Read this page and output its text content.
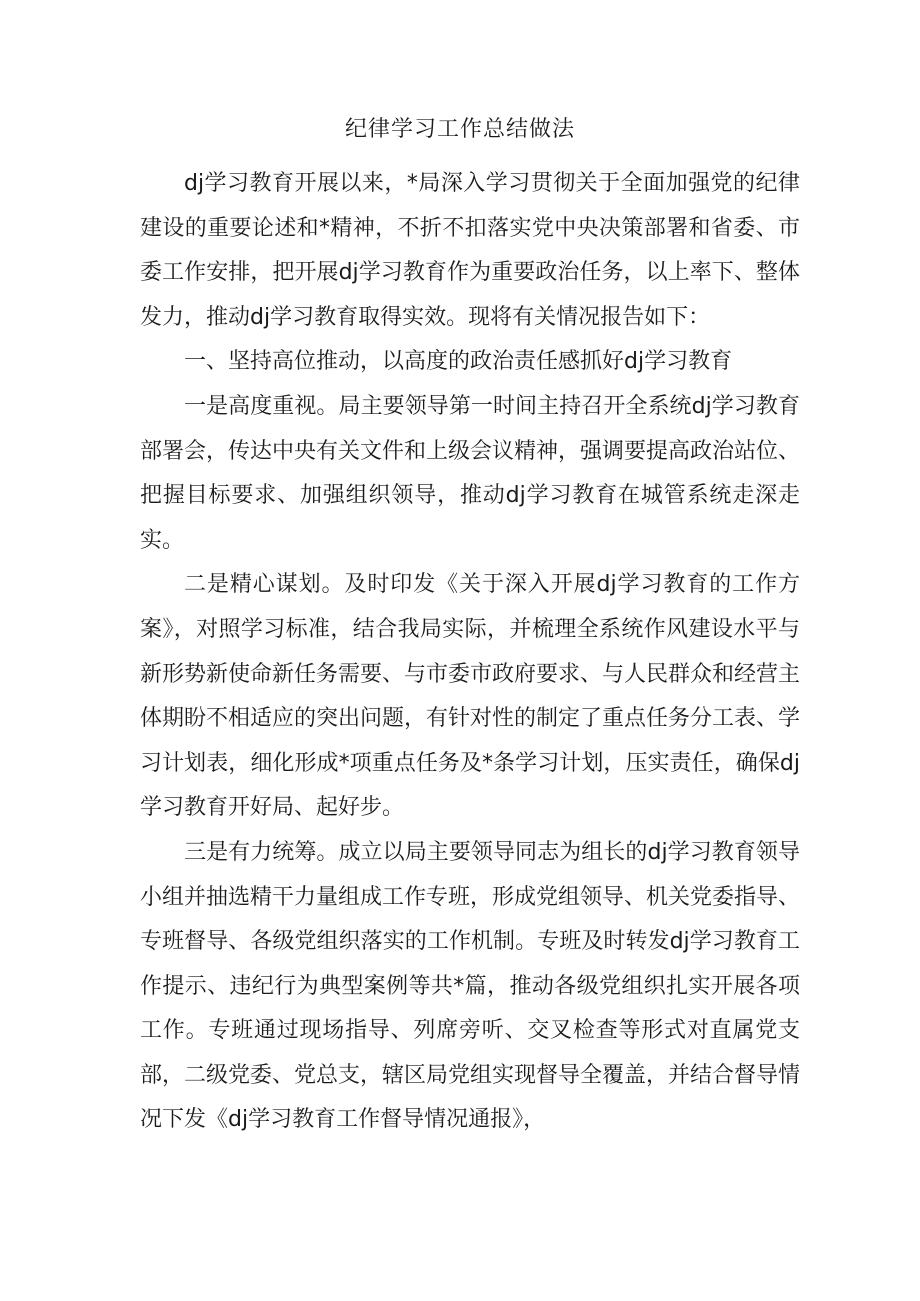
纪律学习工作总结做法

dj学习教育开展以来，*局深入学习贯彻关于全面加强党的纪律建设的重要论述和*精神，不折不扣落实党中央决策部署和省委、市委工作安排，把开展dj学习教育作为重要政治任务，以上率下、整体发力，推动dj学习教育取得实效。现将有关情况报告如下：

一、坚持高位推动，以高度的政治责任感抓好dj学习教育

一是高度重视。局主要领导第一时间主持召开全系统dj学习教育部署会，传达中央有关文件和上级会议精神，强调要提高政治站位、把握目标要求、加强组织领导，推动dj学习教育在城管系统走深走实。

二是精心谋划。及时印发《关于深入开展dj学习教育的工作方案》，对照学习标准，结合我局实际，并梳理全系统作风建设水平与新形势新使命新任务需要、与市委市政府要求、与人民群众和经营主体期盼不相适应的突出问题，有针对性的制定了重点任务分工表、学习计划表，细化形成*项重点任务及*条学习计划，压实责任，确保dj学习教育开好局、起好步。

三是有力统筹。成立以局主要领导同志为组长的dj学习教育领导小组并抽选精干力量组成工作专班，形成党组领导、机关党委指导、专班督导、各级党组织落实的工作机制。专班及时转发dj学习教育工作提示、违纪行为典型案例等共*篇，推动各级党组织扎实开展各项工作。专班通过现场指导、列席旁听、交叉检查等形式对直属党支部，二级党委、党总支，辖区局党组实现督导全覆盖，并结合督导情况下发《dj学习教育工作督导情况通报》，
